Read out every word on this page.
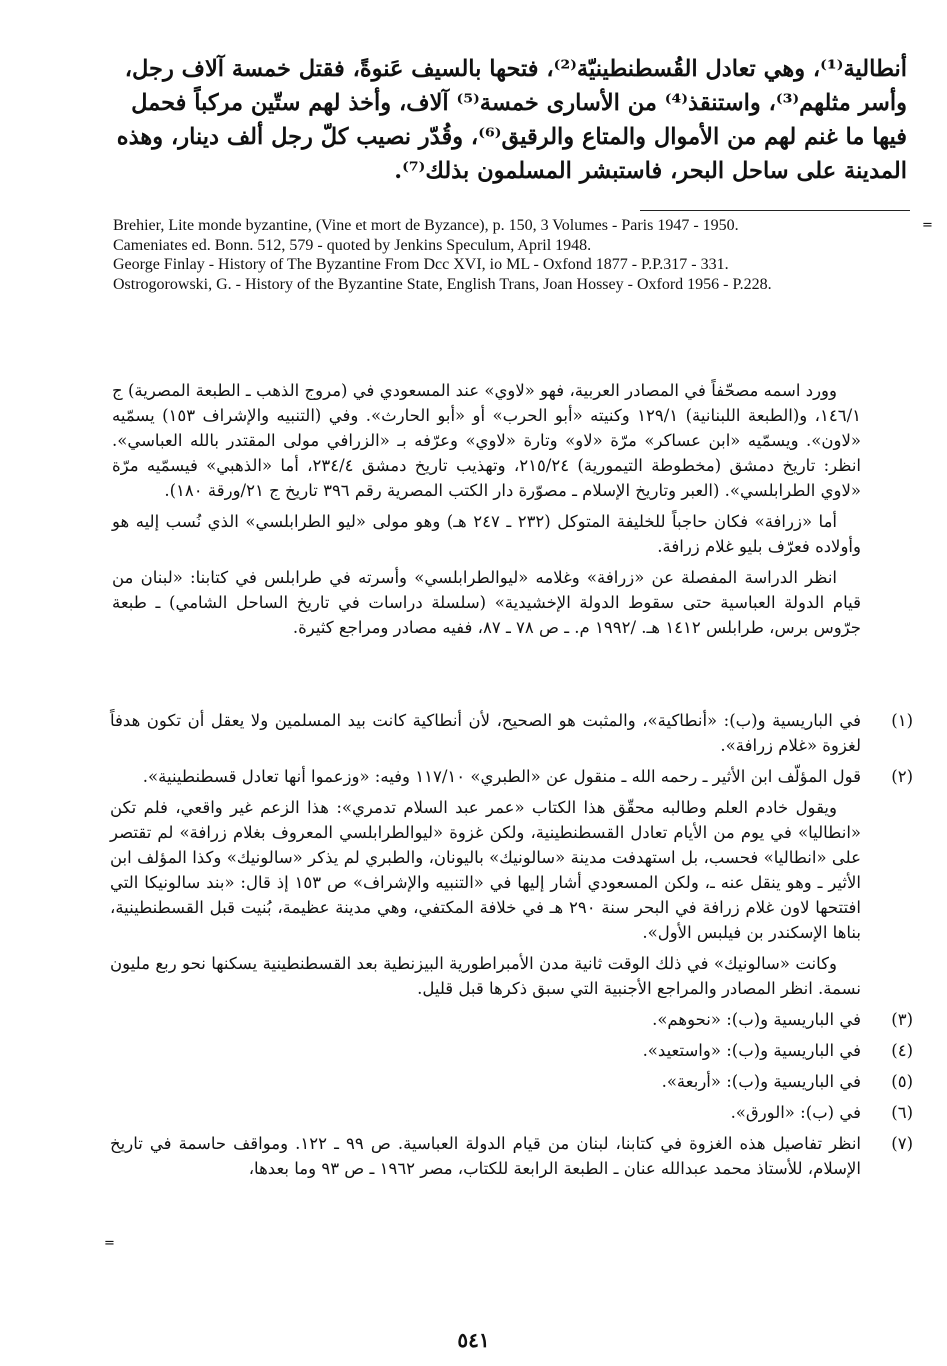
أنطالية⁽¹⁾، وهي تعادل القُسطنطينيّة⁽²⁾، فتحها بالسيف عَنوةً، فقتل خمسة آلاف رجل،

وأسر مثلهم⁽³⁾، واستنقذ⁽⁴⁾ من الأسارى خمسة⁽⁵⁾ آلاف، وأخذ لهم ستّين مركباً فحمل

فيها ما غنم لهم من الأموال والمتاع والرقيق⁽⁶⁾، وقُدّر نصيب كلّ رجل ألف دينار، وهذه

المدينة على ساحل البحر، فاستبشر المسلمون بذلك⁽⁷⁾.

=

Brehier, Lite monde byzantine, (Vine et mort de Byzance), p. 150, 3 Volumes - Paris 1947 - 1950.

Cameniates ed. Bonn. 512, 579 - quoted by Jenkins Speculum, April 1948.

George Finlay - History of The Byzantine From Dcc XVI, io ML - Oxfond 1877 - P.P.317 - 331.

Ostrogorowski, G. - History of the Byzantine State, English Trans, Joan Hossey - Oxford 1956 - P.228.

وورد اسمه مصحّفاً في المصادر العربية، فهو «لاوي» عند المسعودي في (مروج الذهب ـ الطبعة المصرية) ج ١٤٦/١، و(الطبعة اللبنانية) ١٢٩/١ وكنيته «أبو الحرب» أو «أبو الحارث». وفي (التنبيه والإشراف ١٥٣) يسمّيه «لاون». ويسمّيه «ابن عساكر» مرّة «لاو» وتارة «لاوي» وعرّفه بـ «الزرافي مولى المقتدر بالله العباسي». انظر: تاريخ دمشق (مخطوطة التيمورية) ٢١٥/٢٤، وتهذيب تاريخ دمشق ٢٣٤/٤، أما «الذهبي» فيسمّيه مرّة «لاوي الطرابلسي». (العبر وتاريخ الإسلام ـ مصوّرة دار الكتب المصرية رقم ٣٩٦ تاريخ ج ٢١/ورقة ١٨٠).

أما «زرافة» فكان حاجباً للخليفة المتوكل (٢٣٢ ـ ٢٤٧ هـ) وهو مولى «ليو الطرابلسي» الذي نُسب إليه هو وأولاده فعرّف بليو غلام زرافة.

انظر الدراسة المفصلة عن «زرافة» وغلامه «ليوالطرابلسي» وأسرته في طرابلس في كتابنا: «لبنان من قيام الدولة العباسية حتى سقوط الدولة الإخشيدية» (سلسلة دراسات في تاريخ الساحل الشامي) ـ طبعة جرّوس برس، طرابلس ١٤١٢ هـ. /١٩٩٢ م. ـ ص ٧٨ ـ ٨٧، ففيه مصادر ومراجع كثيرة.

(١)
في الباريسية و(ب): «أنطاكية»، والمثبت هو الصحيح، لأن أنطاكية كانت بيد المسلمين ولا يعقل أن تكون هدفاً لغزوة «غلام زرافة».
(٢)
قول المؤلّف ابن الأثير ـ رحمه الله ـ منقول عن «الطبري» ١١٧/١٠ وفيه: «وزعموا أنها تعادل قسطنطينية».

ويقول خادم العلم وطالبه محقّق هذا الكتاب «عمر عبد السلام تدمري»: هذا الزعم غير واقعي، فلم تكن «انطاليا» في يوم من الأيام تعادل القسطنطينية، ولكن غزوة «ليوالطرابلسي المعروف بغلام زرافة» لم تقتصر على «انطاليا» فحسب، بل استهدفت مدينة «سالونيك» باليونان، والطبري لم يذكر «سالونيك» وكذا المؤلف ابن الأثير ـ وهو ينقل عنه ـ، ولكن المسعودي أشار إليها في «التنبيه والإشراف» ص ١٥٣ إذ قال: «بند سالونيكا التي افتتحها لاون غلام زرافة في البحر سنة ٢٩٠ هـ في خلافة المكتفي، وهي مدينة عظيمة، بُنيت قبل القسطنطينية، بناها الإسكندر بن فيلبس الأول».

وكانت «سالونيك» في ذلك الوقت ثانية مدن الأمبراطورية البيزنطية بعد القسطنطينية يسكنها نحو ربع مليون نسمة. انظر المصادر والمراجع الأجنبية التي سبق ذكرها قبل قليل.

(٣)
في الباريسية و(ب): «نحوهم».
(٤)
في الباريسية و(ب): «واستعيد».
(٥)
في الباريسية و(ب): «أربعة».
(٦)
في (ب): «الورق».
(٧)
انظر تفاصيل هذه الغزوة في كتابنا، لبنان من قيام الدولة العباسية. ص ٩٩ ـ ١٢٢. ومواقف حاسمة في تاريخ الإسلام، للأستاذ محمد عبدالله عنان ـ الطبعة الرابعة للكتاب، مصر ١٩٦٢ ـ ص ٩٣ وما بعدها،
=
٥٤١
